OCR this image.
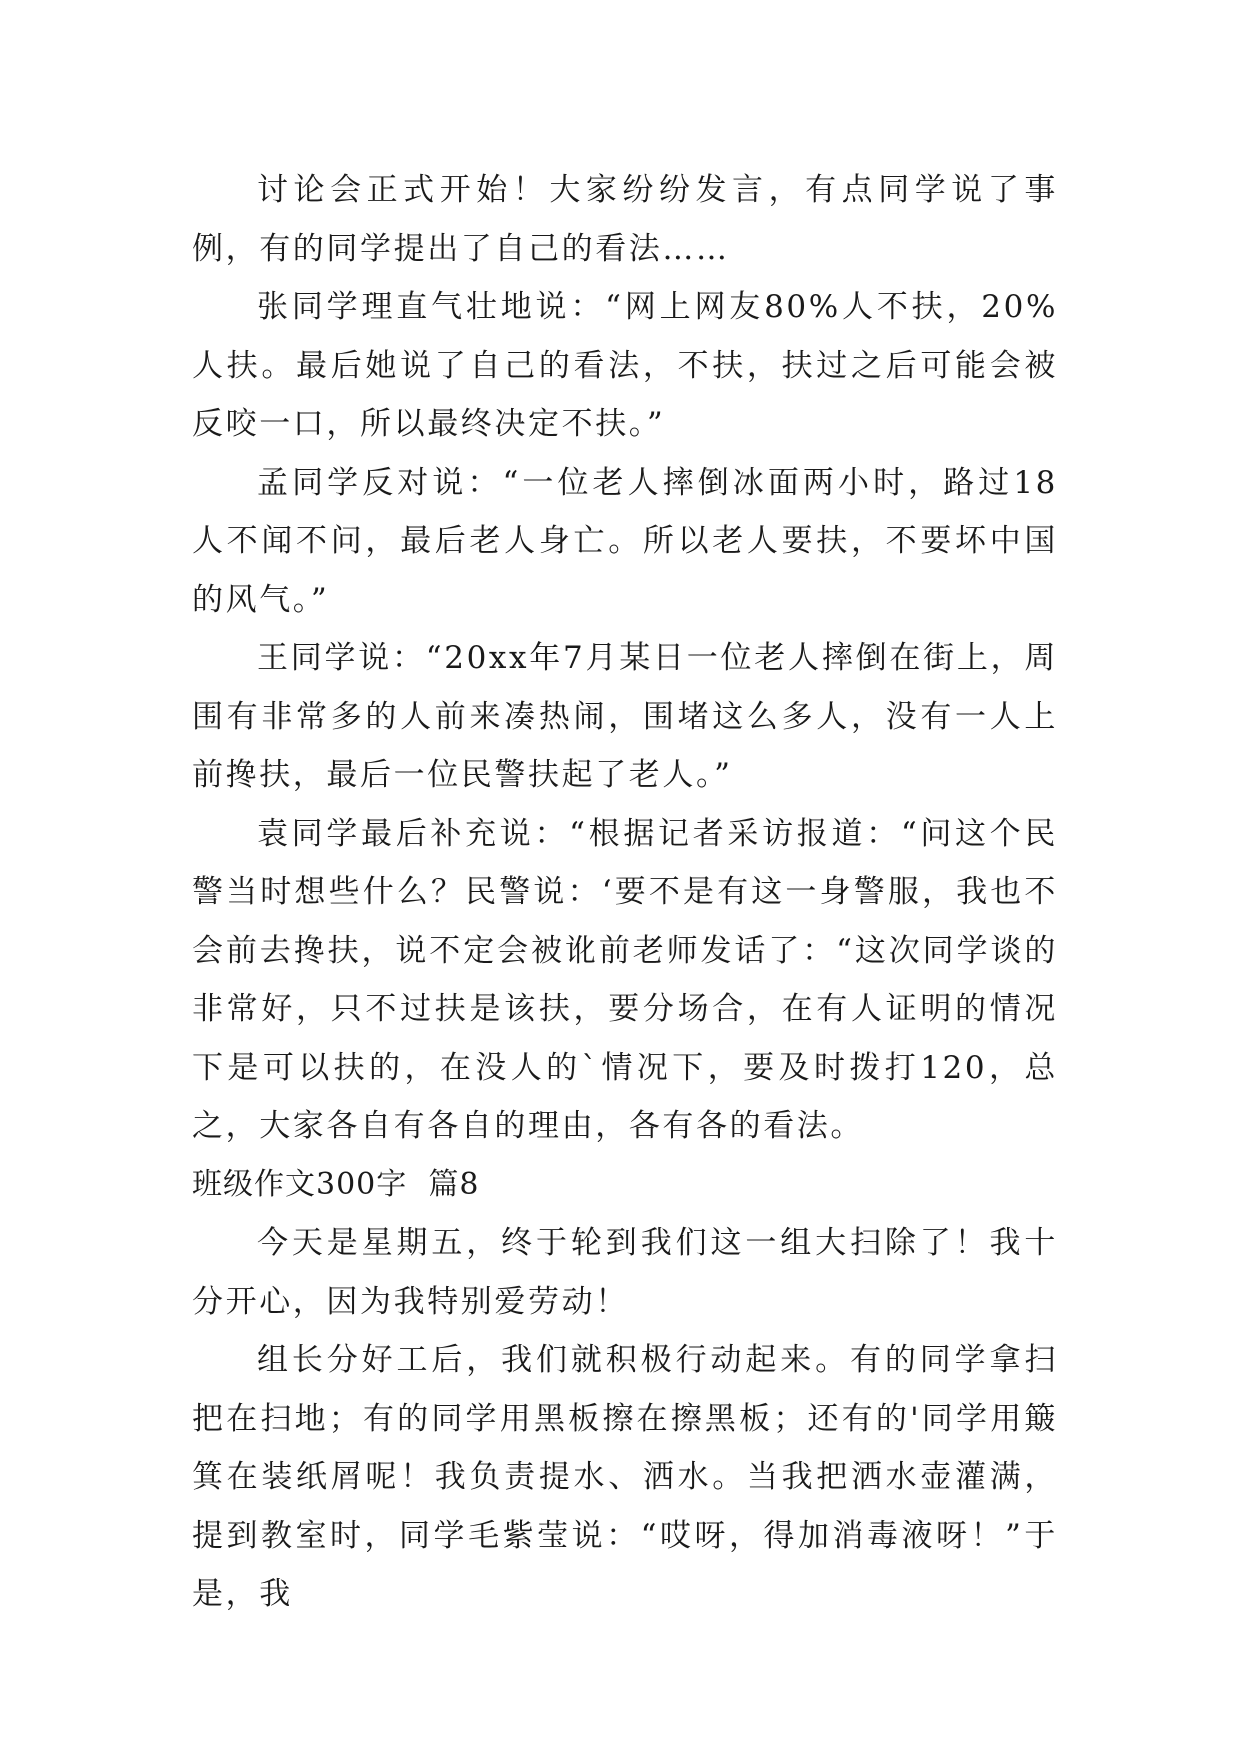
讨论会正式开始！大家纷纷发言，有点同学说了事例，有的同学提出了自己的看法……

张同学理直气壮地说：“网上网友80%人不扶，20%人扶。最后她说了自己的看法，不扶，扶过之后可能会被反咬一口，所以最终决定不扶。”

孟同学反对说：“一位老人摔倒冰面两小时，路过18人不闻不问，最后老人身亡。所以老人要扶，不要坏中国的风气。”

王同学说：“20xx年7月某日一位老人摔倒在街上，周围有非常多的人前来凑热闹，围堵这么多人，没有一人上前搀扶，最后一位民警扶起了老人。”

袁同学最后补充说：“根据记者采访报道：“问这个民警当时想些什么？民警说：‘要不是有这一身警服，我也不会前去搀扶，说不定会被讹前老师发话了：“这次同学谈的非常好，只不过扶是该扶，要分场合，在有人证明的情况下是可以扶的，在没人的`情况下，要及时拨打120，总之，大家各自有各自的理由，各有各的看法。

班级作文300字  篇8

今天是星期五，终于轮到我们这一组大扫除了！我十分开心，因为我特别爱劳动！

组长分好工后，我们就积极行动起来。有的同学拿扫把在扫地；有的同学用黑板擦在擦黑板；还有的'同学用簸箕在装纸屑呢！我负责提水、洒水。当我把洒水壶灌满，提到教室时，同学毛紫莹说：“哎呀，得加消毒液呀！”于是，我
